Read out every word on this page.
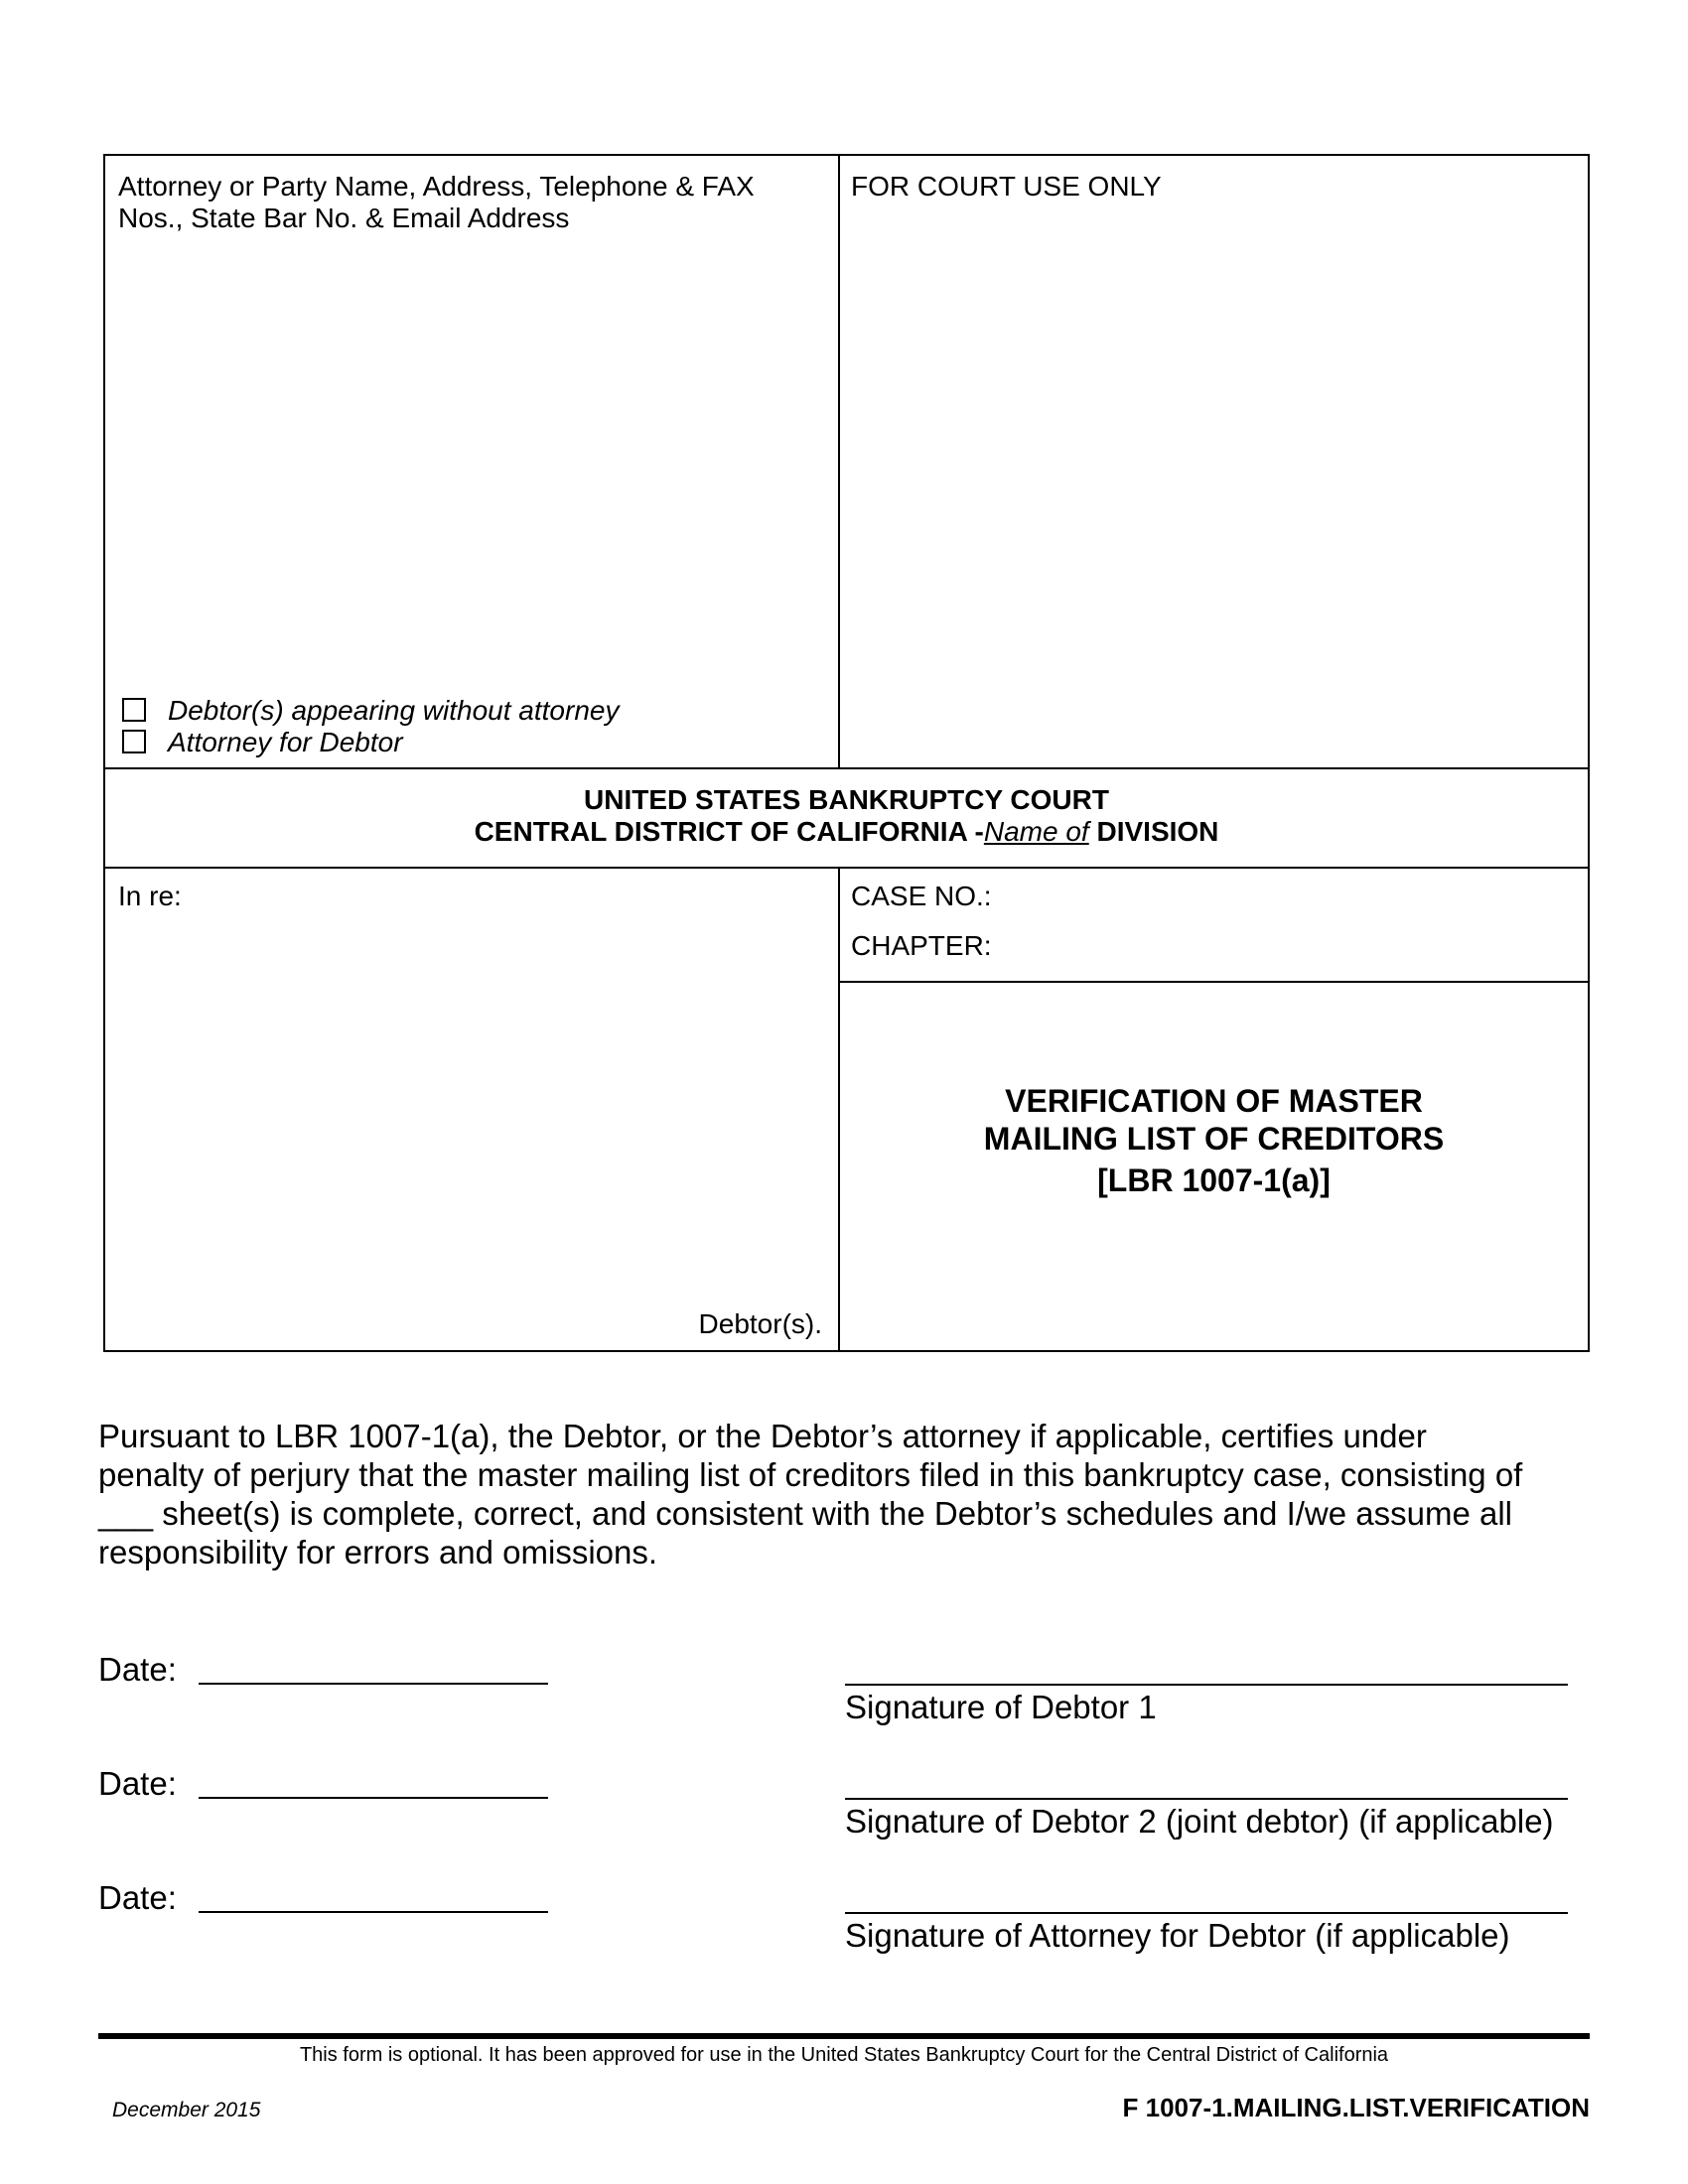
Attorney or Party Name, Address, Telephone & FAX
Nos., State Bar No. & Email Address
Debtor(s) appearing without attorney
Attorney for Debtor
FOR COURT USE ONLY
UNITED STATES BANKRUPTCY COURT
CENTRAL DISTRICT OF CALIFORNIA -Name of DIVISION
In re:
Debtor(s).
CASE NO.:
CHAPTER:
VERIFICATION OF MASTER
MAILING LIST OF CREDITORS
[LBR 1007-1(a)]
Pursuant to LBR 1007-1(a), the Debtor, or the Debtor’s attorney if applicable, certifies under
penalty of perjury that the master mailing list of creditors filed in this bankruptcy case, consisting of
___ sheet(s) is complete, correct, and consistent with the Debtor’s schedules and I/we assume all
responsibility for errors and omissions.
Date:
Signature of Debtor 1
Date:
Signature of Debtor 2 (joint debtor) (if applicable)
Date:
Signature of Attorney for Debtor (if applicable)
This form is optional. It has been approved for use in the United States Bankruptcy Court for the Central District of California
December 2015	F 1007-1.MAILING.LIST.VERIFICATION
